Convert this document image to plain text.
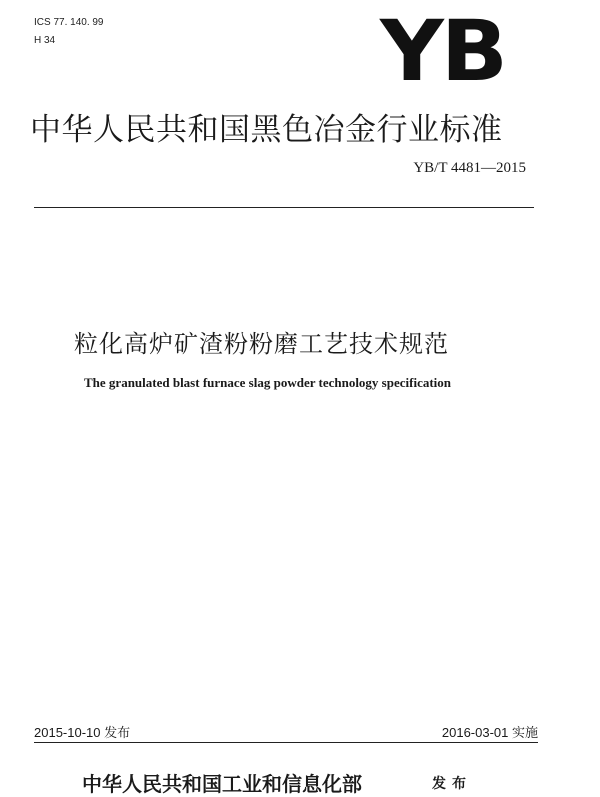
ICS 77. 140. 99
H 34	YB
中华人民共和国黑色冶金行业标准
YB/T 4481—2015
粒化高炉矿渣粉粉磨工艺技术规范
The granulated blast furnace slag powder technology specification
2015-10-10 发布	2016-03-01 实施
中华人民共和国工业和信息化部	发布
